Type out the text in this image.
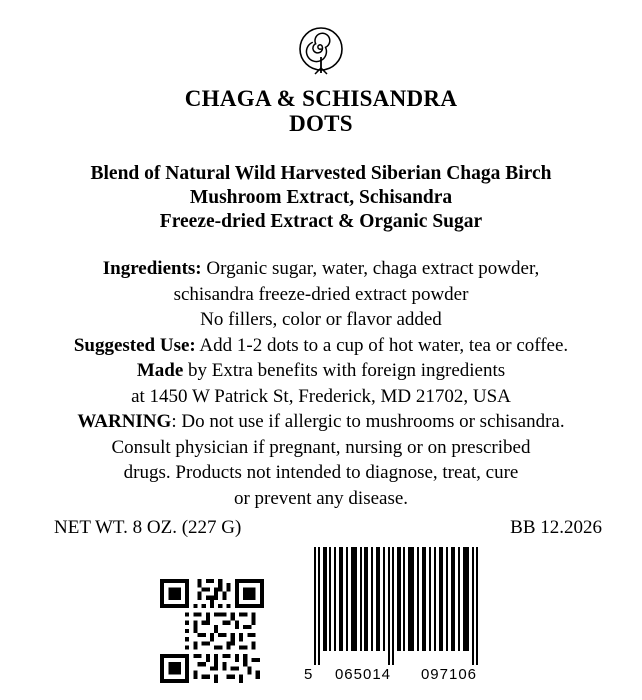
CHAGA & SCHISANDRA
DOTS
Blend of Natural Wild Harvested Siberian Chaga Birch
Mushroom Extract, Schisandra
Freeze-dried Extract & Organic Sugar

Ingredients: Organic sugar, water, chaga extract powder,

schisandra freeze-dried extract powder

No fillers, color or flavor added

Suggested Use: Add 1-2 dots to a cup of hot water, tea or coffee.

Made by Extra benefits with foreign ingredients

at 1450 W Patrick St, Frederick, MD 21702, USA

WARNING: Do not use if allergic to mushrooms or schisandra.

Consult physician if pregnant, nursing or on prescribed

drugs. Products not intended to diagnose, treat, cure

or prevent any disease.

NET WT. 8 OZ. (227 G)	BB 12.2026
5	065014	097106
